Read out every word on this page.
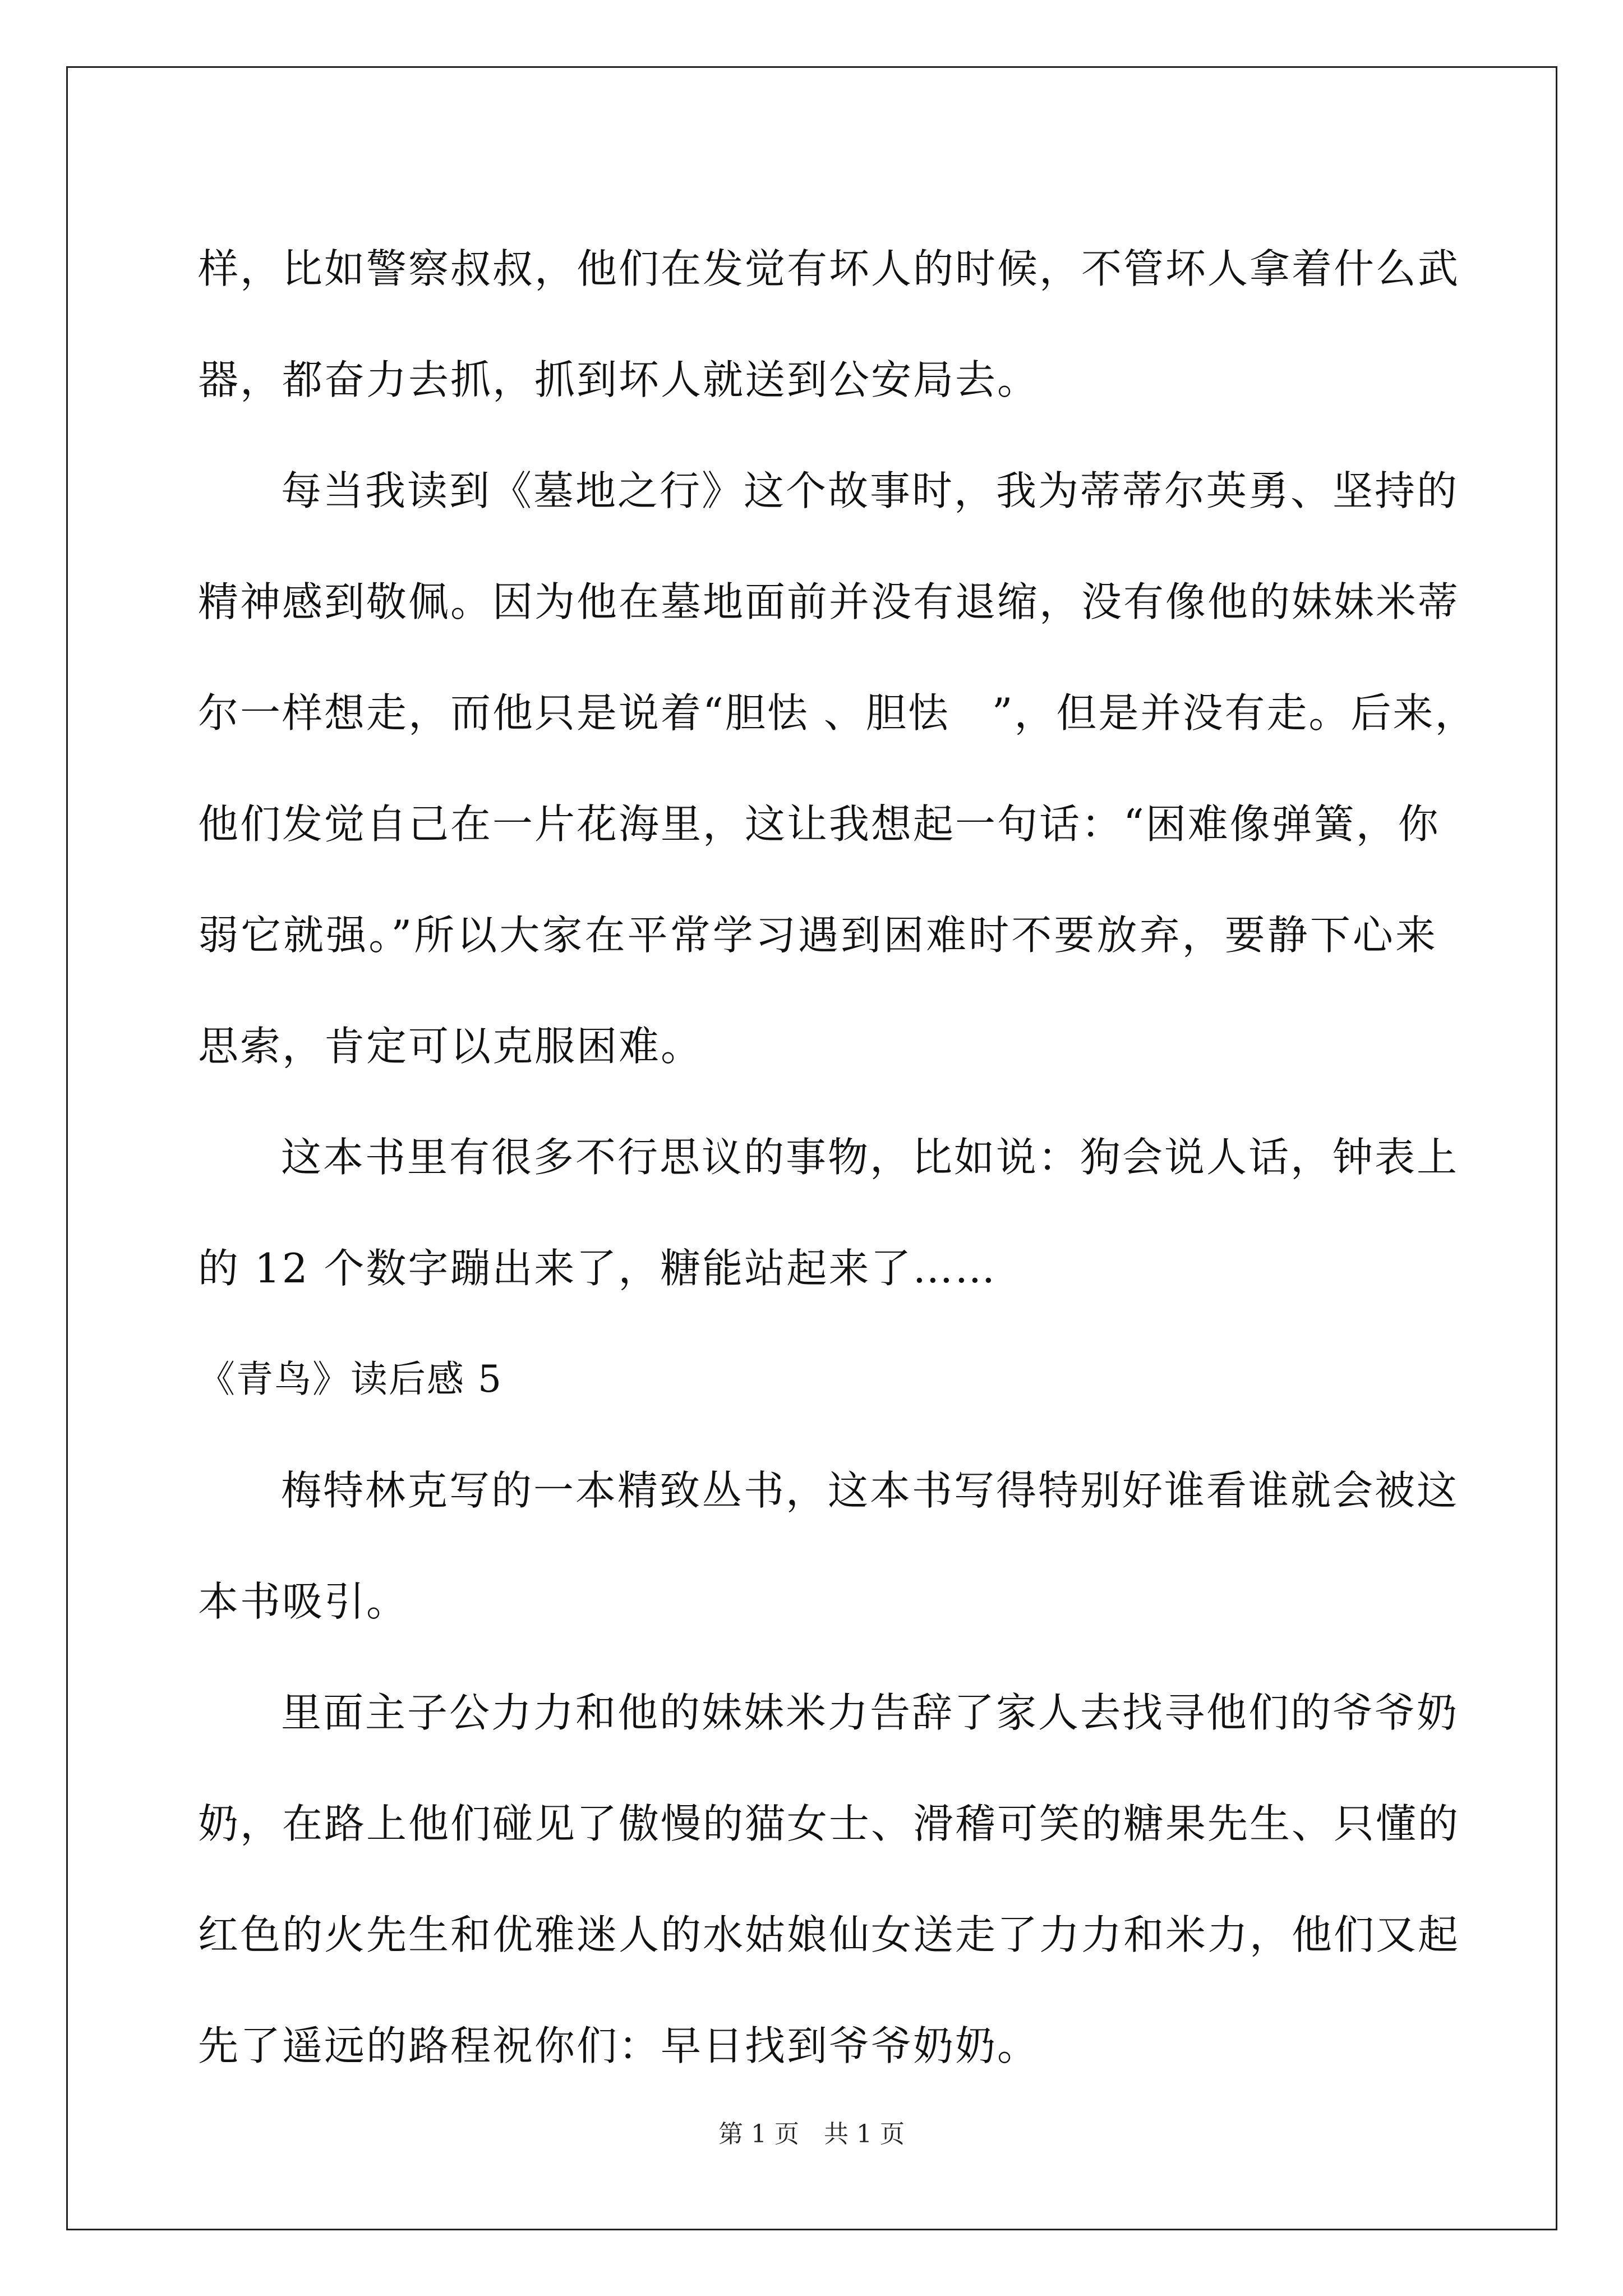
样，比如警察叔叔，他们在发觉有坏人的时候，不管坏人拿着什么武
器，都奋力去抓，抓到坏人就送到公安局去。
每当我读到《墓地之行》这个故事时，我为蒂蒂尔英勇、坚持的
精神感到敬佩。因为他在墓地面前并没有退缩，没有像他的妹妹米蒂
尔一样想走，而他只是说着“胆怯 、胆怯　”，但是并没有走。后来，
他们发觉自己在一片花海里，这让我想起一句话：“困难像弹簧，你
弱它就强。”所以大家在平常学习遇到困难时不要放弃，要静下心来
思索，肯定可以克服困难。
这本书里有很多不行思议的事物，比如说：狗会说人话，钟表上
的 12 个数字蹦出来了，糖能站起来了……
《青鸟》读后感 5
梅特林克写的一本精致丛书，这本书写得特别好谁看谁就会被这
本书吸引。
里面主子公力力和他的妹妹米力告辞了家人去找寻他们的爷爷奶
奶，在路上他们碰见了傲慢的猫女士、滑稽可笑的糖果先生、只懂的
红色的火先生和优雅迷人的水姑娘仙女送走了力力和米力，他们又起
先了遥远的路程祝你们：早日找到爷爷奶奶。
第 1 页　共 1 页
